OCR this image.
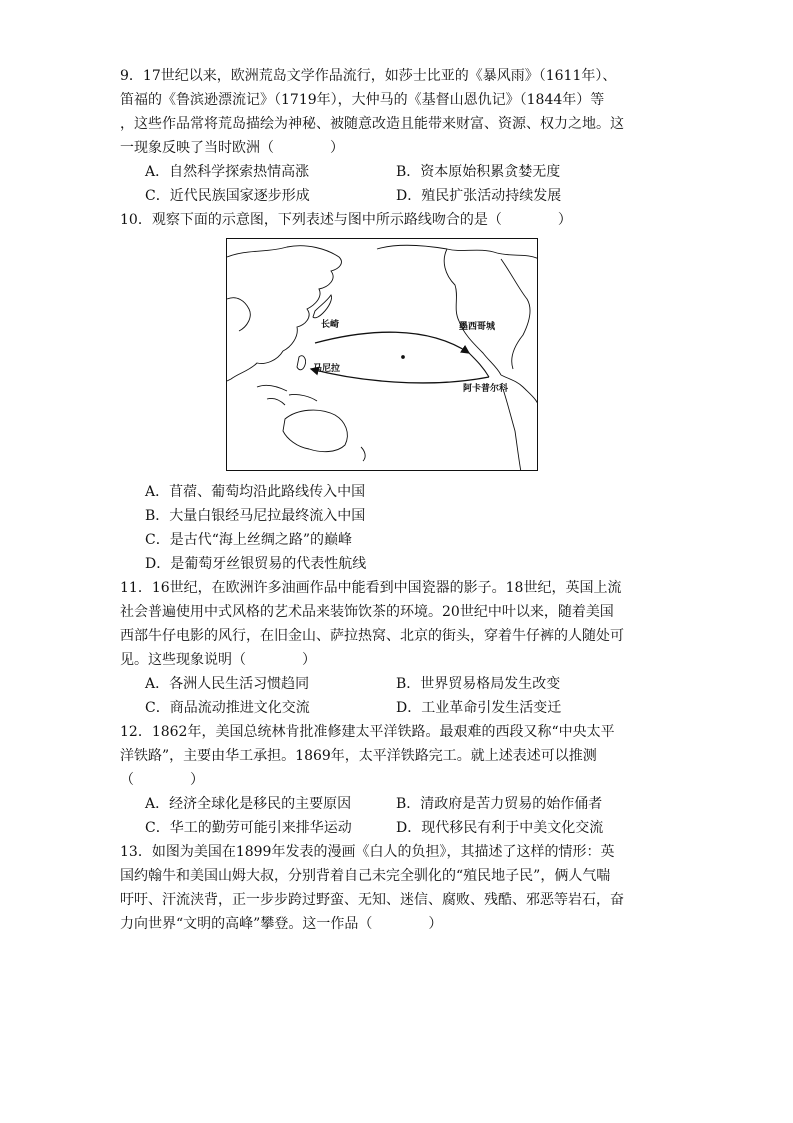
9．17世纪以来，欧洲荒岛文学作品流行，如莎士比亚的《暴风雨》（1611年）、
笛福的《鲁滨逊漂流记》（1719年），大仲马的《基督山恩仇记》（1844年）等
，这些作品常将荒岛描绘为神秘、被随意改造且能带来财富、资源、权力之地。这
一现象反映了当时欧洲（　　　　）
A．自然科学探索热情高涨	B．资本原始积累贪婪无度
C．近代民族国家逐步形成	D．殖民扩张活动持续发展
10．观察下面的示意图，下列表述与图中所示路线吻合的是（　　　　）
长崎
马尼拉
墨西哥城
阿卡普尔科
A．苜蓿、葡萄均沿此路线传入中国
B．大量白银经马尼拉最终流入中国
C．是古代“海上丝绸之路”的巅峰
D．是葡萄牙丝银贸易的代表性航线
11．16世纪，在欧洲许多油画作品中能看到中国瓷器的影子。18世纪，英国上流
社会普遍使用中式风格的艺术品来装饰饮茶的环境。20世纪中叶以来，随着美国
西部牛仔电影的风行，在旧金山、萨拉热窝、北京的街头，穿着牛仔裤的人随处可
见。这些现象说明（　　　　）
A．各洲人民生活习惯趋同	B．世界贸易格局发生改变
C．商品流动推进文化交流	D．工业革命引发生活变迁
12．1862年，美国总统林肯批准修建太平洋铁路。最艰难的西段又称“中央太平
洋铁路”，主要由华工承担。1869年，太平洋铁路完工。就上述表述可以推测
（　　　　）
A．经济全球化是移民的主要原因	B．清政府是苦力贸易的始作俑者
C．华工的勤劳可能引来排华运动	D．现代移民有利于中美文化交流
13．如图为美国在1899年发表的漫画《白人的负担》，其描述了这样的情形：英
国约翰牛和美国山姆大叔，分别背着自己未完全驯化的“殖民地子民”，俩人气喘
吁吁、汗流浃背，正一步步跨过野蛮、无知、迷信、腐败、残酷、邪恶等岩石，奋
力向世界“文明的高峰”攀登。这一作品（　　　　）
